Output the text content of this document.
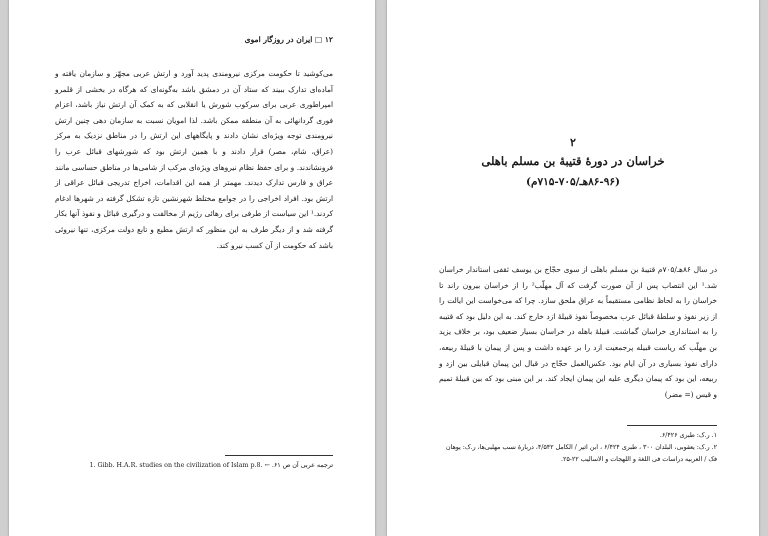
۱۲ □ ایران در روزگار اموی

می‌کوشید تا حکومت مرکزی نیرومندی پدید آورد و ارتش عربی مجهّز و سازمان یافته و آماده‌ای تدارک ببیند که ستاد آن در دمشق باشد به‌گونه‌ای که هرگاه در بخشی از قلمرو امپراطوری عربی برای سرکوب شورش یا انقلابی که به کمک آن ارتش نیاز باشد، اعزام فوری گردانهائی به آن منطقه ممکن باشد. لذا امویان نسبت به سازمان دهی چنین ارتش نیرومندی توجه ویژه‌ای نشان دادند و پایگاههای این ارتش را در مناطق نزدیک به مرکز (عراق، شام، مصر) قرار دادند و با همین ارتش بود که شورشهای قبائل عرب را فرونشاندند. و برای حفظ نظام نیروهای ویژه‌ای مرکب از شامی‌ها در مناطق حساسی مانند عراق و فارس تدارک دیدند. مهمتر از همه این اقدامات، اخراج تدریجی قبائل عراقی از ارتش بود. افراد اخراجی را در جوامع مختلط شهرنشین تازه تشکل گرفته در شهرها ادغام کردند.¹ این سیاست از طرفی برای رهائی رژیم از مخالفت و درگیری قبائل و نفوذ آنها بکار گرفته شد و از دیگر طرف به این منظور که ارتش مطیع و تابع دولت مرکزی، تنها نیروئی باشد که حکومت از آن کسب نیرو کند.

ترجمه عربی آن ص ۶۱. ← 1. Gibb. H.A.R. studies on the civilization of Islam p.8.
۲
خراسان در دورۀ قتیبۀ بن مسلم باهلی
(۸۶-۹۶هـ/۷۰۵-۷۱۵م)

در سال ۸۶هـ/۷۰۵م قتیبۀ بن مسلم باهلی از سوی حجّاج بن یوسف ثقفی استاندار خراسان شد.¹ این انتصاب پس از آن صورت گرفت که آل مهلّب² را از خراسان بیرون راند تا خراسان را به لحاظ نظامی مستقیماً به عراق ملحق سازد. چرا که می‌خواست این ایالت را از زیر نفوذ و سلطۀ قبائل عرب مخصوصاً نفوذ قبیلۀ ازد خارج کند. به این دلیل بود که قتیبه را به استانداری خراسان گماشت. قبیلۀ باهله در خراسان بسیار ضعیف بود، بر خلاف یزید بن مهلّب که ریاست قبیله پرجمعیت ازد را بر عهده داشت و پس از پیمان با قبیلۀ ربیعه، دارای نفوذ بسیاری در آن ایام بود. عکس‌العمل حجّاج در قبال این پیمان قبایلی بین ازد و ربیعه، این بود که پیمان دیگری علیه این پیمان ایجاد کند. بر این مبنی بود که بین قبیلۀ تمیم و قیس (= مضر)

۱. ر.ک: طبری ۶/۴۲۶.
۲. ر.ک: یعقوبی، البلدان ۳۰۰ ، طبری ۶/۴۲۴ ، ابن اثیر / الکامل ۴/۵۴۲، دربارۀ نسب مهلبی‌ها، ر.ک: یوهان فک / العربیه دراسات فی اللغة و اللهجات و الاسالیب ۲۲-۲۵.
